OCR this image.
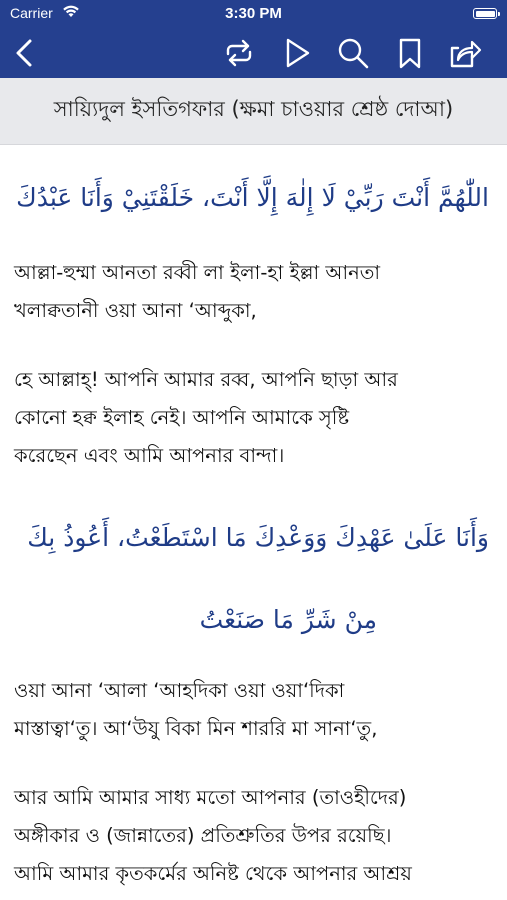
Carrier	3:30 PM
সায়্যিদুল ইসতিগফার (ক্ষমা চাওয়ার শ্রেষ্ঠ দোআ)
اللّٰهُمَّ أَنْتَ رَبِّيْ لَا إِلٰهَ إِلَّا أَنْتَ، خَلَقْتَنِيْ وَأَنَا عَبْدُكَ
আল্লা-হুম্মা আনতা রব্বী লা ইলা-হা ইল্লা আনতা
খলাক্বতানী ওয়া আনা ‘আব্দুকা,
হে আল্লাহ্! আপনি আমার রব্ব, আপনি ছাড়া আর
কোনো হক্ব ইলাহ নেই। আপনি আমাকে সৃষ্টি
করেছেন এবং আমি আপনার বান্দা।
وَأَنَا عَلَىٰ عَهْدِكَ وَوَعْدِكَ مَا اسْتَطَعْتُ، أَعُوذُ بِكَ
مِنْ شَرِّ مَا صَنَعْتُ
ওয়া আনা ‘আলা ‘আহদিকা ওয়া ওয়া‘দিকা
মাস্তাত্বা‘তু। আ‘উযু বিকা মিন শাররি মা সানা‘তু,
আর আমি আমার সাধ্য মতো আপনার (তাওহীদের)
অঙ্গীকার ও (জান্নাতের) প্রতিশ্রুতির উপর রয়েছি।
আমি আমার কৃতকর্মের অনিষ্ট থেকে আপনার আশ্রয়
